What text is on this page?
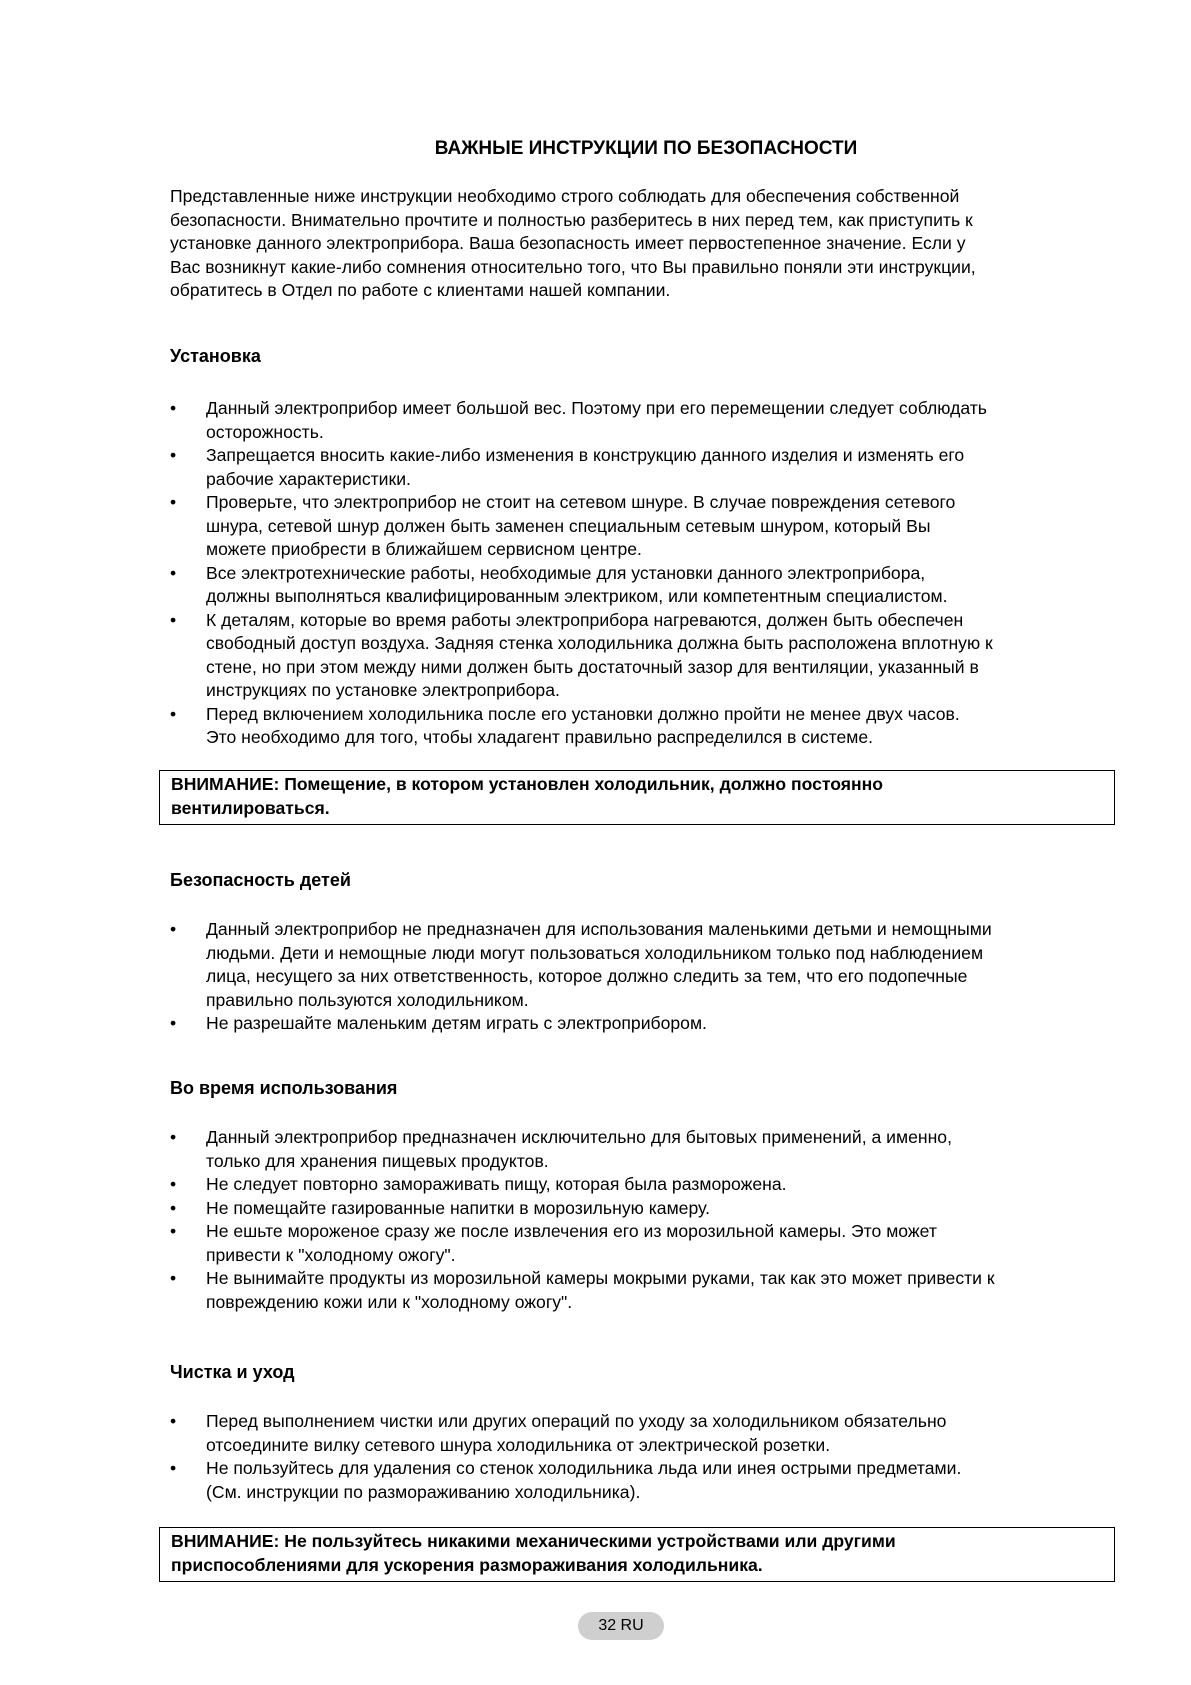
ВАЖНЫЕ ИНСТРУКЦИИ ПО БЕЗОПАСНОСТИ
Представленные ниже инструкции необходимо строго соблюдать для обеспечения собственной
безопасности. Внимательно прочтите и полностью разберитесь в них перед тем, как приступить к
установке данного электроприбора. Ваша безопасность имеет первостепенное значение. Если у
Вас возникнут какие-либо сомнения относительно того, что Вы правильно поняли эти инструкции,
обратитесь в Отдел по работе с клиентами нашей компании.
Установка
•	Данный электроприбор имеет большой вес. Поэтому при его перемещении следует соблюдать
осторожность.
•	Запрещается вносить какие-либо изменения в конструкцию данного изделия и изменять его
рабочие характеристики.
•	Проверьте, что электроприбор не стоит на сетевом шнуре. В случае повреждения сетевого
шнура, сетевой шнур должен быть заменен специальным сетевым шнуром, который Вы
можете приобрести в ближайшем сервисном центре.
•	Все электротехнические работы, необходимые для установки данного электроприбора,
должны выполняться квалифицированным электриком, или компетентным специалистом.
•	К деталям, которые во время работы электроприбора нагреваются, должен быть обеспечен
свободный доступ воздуха. Задняя стенка холодильника должна быть расположена вплотную к
стене, но при этом между ними должен быть достаточный зазор для вентиляции, указанный в
инструкциях по установке электроприбора.
•	Перед включением холодильника после его установки должно пройти не менее двух часов.
Это необходимо для того, чтобы хладагент правильно распределился в системе.
ВНИМАНИЕ: Помещение, в котором установлен холодильник, должно постоянно
вентилироваться.
Безопасность детей
•	Данный электроприбор не предназначен для использования маленькими детьми и немощными
людьми. Дети и немощные люди могут пользоваться холодильником только под наблюдением
лица, несущего за них ответственность, которое должно следить за тем, что его подопечные
правильно пользуются холодильником.
•	Не разрешайте маленьким детям играть с электроприбором.
Во время использования
•	Данный электроприбор предназначен исключительно для бытовых применений, а именно,
только для хранения пищевых продуктов.
•	Не следует повторно замораживать пищу, которая была разморожена.
•	Не помещайте газированные напитки в морозильную камеру.
•	Не ешьте мороженое сразу же после извлечения его из морозильной камеры. Это может
привести к "холодному ожогу".
•	Не вынимайте продукты из морозильной камеры мокрыми руками, так как это может привести к
повреждению кожи или к "холодному ожогу".
Чистка и уход
•	Перед выполнением чистки или других операций по уходу за холодильником обязательно
отсоедините вилку сетевого шнура холодильника от электрической розетки.
•	Не пользуйтесь для удаления со стенок холодильника льда или инея острыми предметами.
(См. инструкции по размораживанию холодильника).
ВНИМАНИЕ: Не пользуйтесь никакими механическими устройствами или другими
приспособлениями для ускорения размораживания холодильника.
32 RU
